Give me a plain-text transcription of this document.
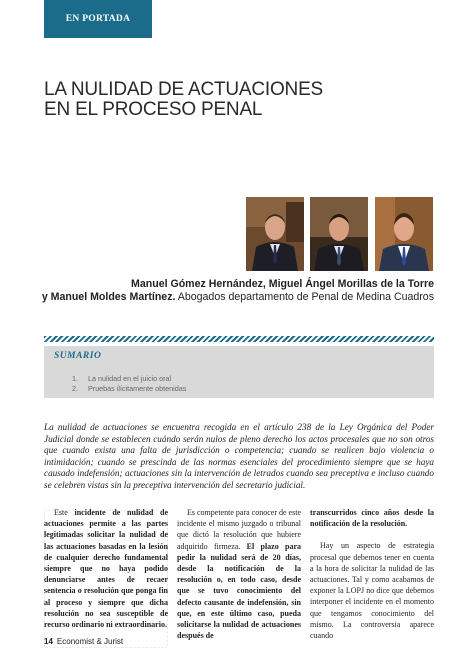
EN PORTADA
LA NULIDAD DE ACTUACIONES
EN EL PROCESO PENAL
Manuel Gómez Hernández, Miguel Ángel Morillas de la Torre
y Manuel Moldes Martínez. Abogados departamento de Penal de Medina Cuadros
SUMARIO
1. La nulidad en el juicio oral
2. Pruebas ilícitamente obtenidas
La nulidad de actuaciones se encuentra recogida en el artículo 238 de la Ley Orgánica del Poder Judicial donde se establecen cuándo serán nulos de pleno derecho los actos procesales que no son otros que cuando exista una falta de jurisdicción o competencia; cuando se realicen bajo violencia o intimidación; cuando se prescinda de las normas esenciales del procedimiento siempre que se haya causado indefensión; actuaciones sin la intervención de letrados cuando sea preceptiva e incluso cuando se celebren vistas sin la preceptiva intervención del secretario judicial.

Este incidente de nulidad de actuaciones permite a las partes legitimadas solicitar la nulidad de las actuaciones basadas en la lesión de cualquier derecho fundamental siempre que no haya podido denunciarse antes de recaer sentencia o resolución que ponga fin al proceso y siempre que dicha resolución no sea susceptible de recurso ordinario ni extraordinario.

Es competente para conocer de este incidente el mismo juzgado o tribunal que dictó la resolución que hubiere adquirido firmeza. El plazo para pedir la nulidad será de 20 días, desde la notificación de la resolución o, en todo caso, desde que se tuvo conocimiento del defecto causante de indefensión, sin que, en este último caso, pueda solicitarse la nulidad de actuaciones después de

transcurridos cinco años desde la notificación de la resolución.

Hay un aspecto de estrategia procesal que debemos tener en cuenta a la hora de solicitar la nulidad de las actuaciones. Tal y como acabamos de exponer la LOPJ no dice que debemos interponer el incidente en el momento que tengamos conocimiento del mismo. La controversia aparece cuando

14 Economist & Jurist
